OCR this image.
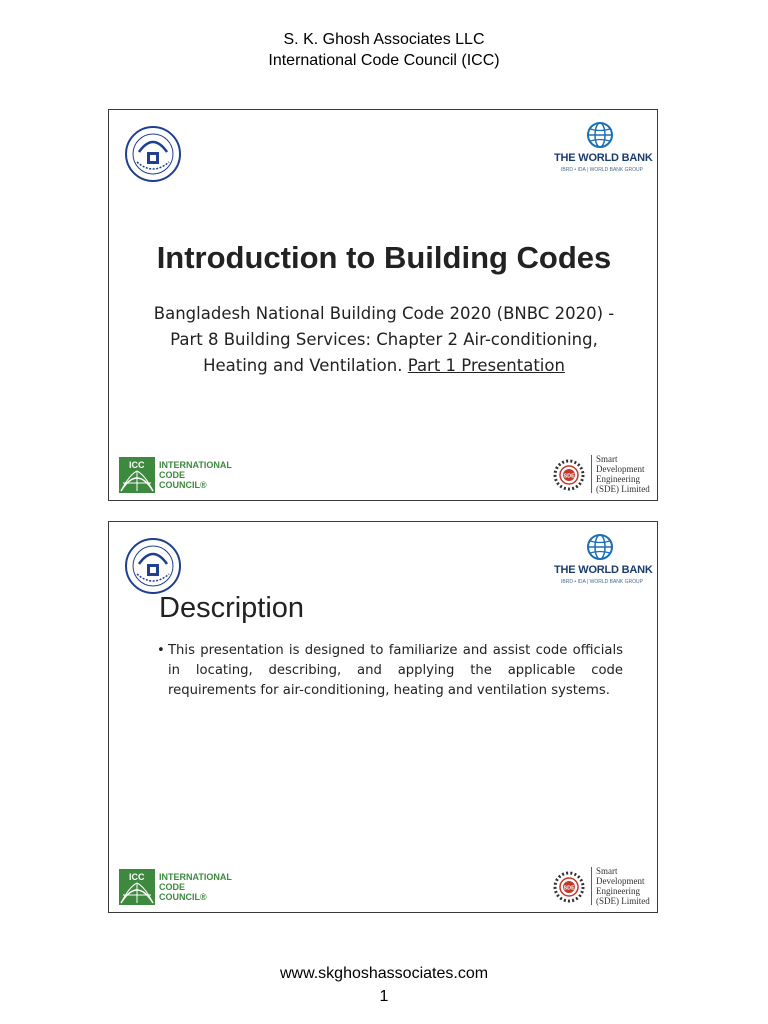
S. K. Ghosh Associates LLC
International Code Council (ICC)
THE WORLD BANK
IBRD • IDA | WORLD BANK GROUP
Introduction to Building Codes
Bangladesh National Building Code 2020 (BNBC 2020) -
Part 8 Building Services: Chapter 2 Air-conditioning,
Heating and Ventilation. Part 1 Presentation
ICC INTERNATIONAL
CODE
COUNCIL®
SDE
Smart
Development
Engineering
(SDE) Limited
THE WORLD BANK
IBRD • IDA | WORLD BANK GROUP
Description
• This presentation is designed to familiarize and assist code officials in locating, describing, and applying the applicable code requirements for air-conditioning, heating and ventilation systems.
ICC INTERNATIONAL
CODE
COUNCIL®
SDE
Smart
Development
Engineering
(SDE) Limited
www.skghoshassociates.com
1
